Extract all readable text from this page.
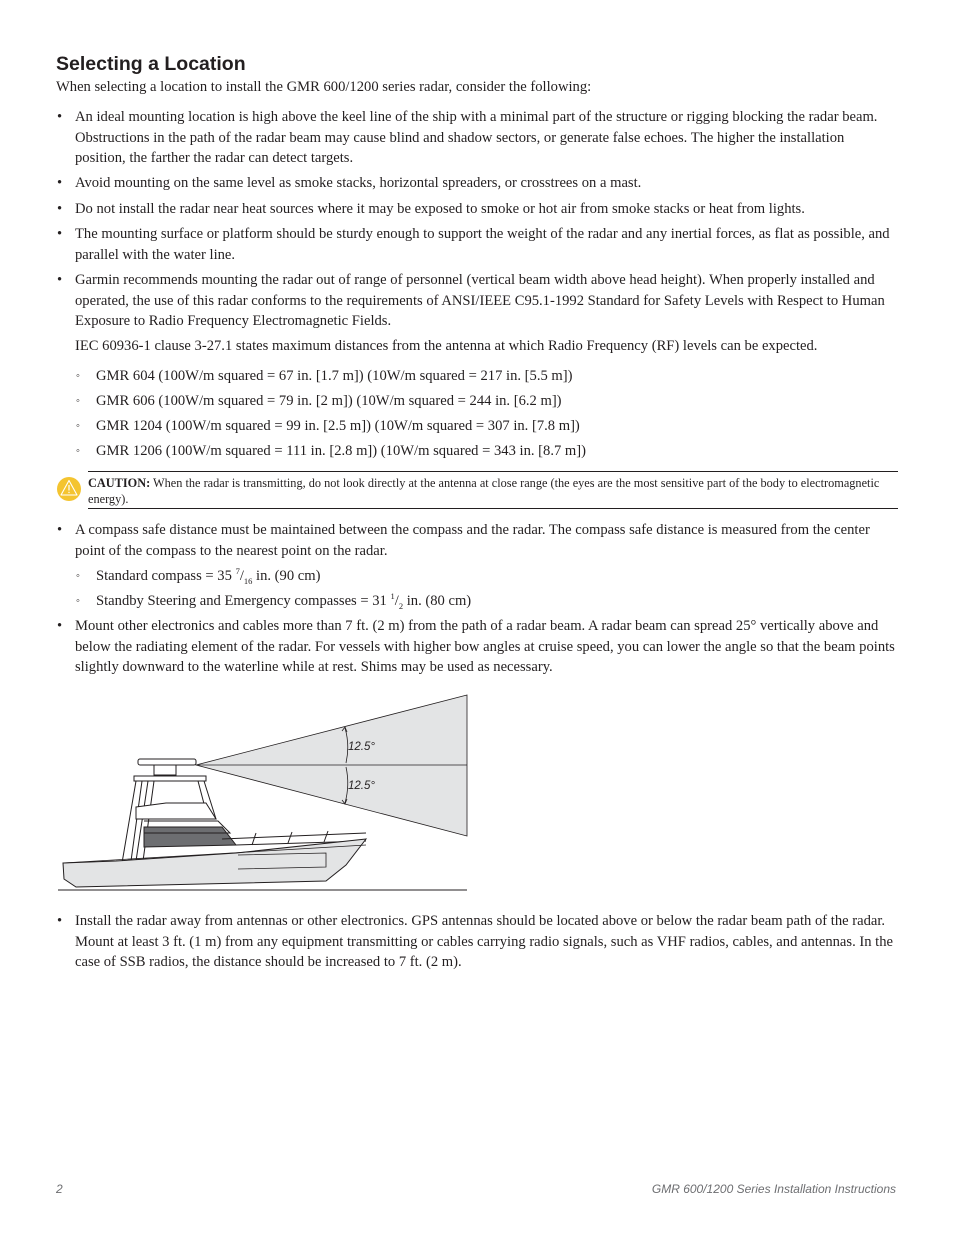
Selecting a Location

When selecting a location to install the GMR 600/1200 series radar, consider the following:

• An ideal mounting location is high above the keel line of the ship with a minimal part of the structure or rigging blocking the radar beam. Obstructions in the path of the radar beam may cause blind and shadow sectors, or generate false echoes. The higher the installation position, the farther the radar can detect targets.

• Avoid mounting on the same level as smoke stacks, horizontal spreaders, or crosstrees on a mast.

• Do not install the radar near heat sources where it may be exposed to smoke or hot air from smoke stacks or heat from lights.

• The mounting surface or platform should be sturdy enough to support the weight of the radar and any inertial forces, as flat as possible, and parallel with the water line.

• Garmin recommends mounting the radar out of range of personnel (vertical beam width above head height). When properly installed and operated, the use of this radar conforms to the requirements of ANSI/IEEE C95.1-1992 Standard for Safety Levels with Respect to Human Exposure to Radio Frequency Electromagnetic Fields.

IEC 60936-1 clause 3-27.1 states maximum distances from the antenna at which Radio Frequency (RF) levels can be expected.

◦ GMR 604 (100W/m squared = 67 in. [1.7 m]) (10W/m squared = 217 in. [5.5 m])

◦ GMR 606 (100W/m squared = 79 in. [2 m]) (10W/m squared = 244 in. [6.2 m])

◦ GMR 1204 (100W/m squared = 99 in. [2.5 m]) (10W/m squared = 307 in. [7.8 m])

◦ GMR 1206 (100W/m squared = 111 in. [2.8 m]) (10W/m squared = 343 in. [8.7 m])

CAUTION: When the radar is transmitting, do not look directly at the antenna at close range (the eyes are the most sensitive part of the body to electromagnetic energy).

• A compass safe distance must be maintained between the compass and the radar. The compass safe distance is measured from the center point of the compass to the nearest point on the radar.

◦ Standard compass = 35 $^7/_{16}$ in. (90 cm)

◦ Standby Steering and Emergency compasses = 31 $^1/_2$ in. (80 cm)

• Mount other electronics and cables more than 7 ft. (2 m) from the path of a radar beam. A radar beam can spread 25° vertically above and below the radiating element of the radar. For vessels with higher bow angles at cruise speed, you can lower the angle so that the beam points slightly downward to the waterline while at rest. Shims may be used as necessary.

12.5°
12.5°

• Install the radar away from antennas or other electronics. GPS antennas should be located above or below the radar beam path of the radar. Mount at least 3 ft. (1 m) from any equipment transmitting or cables carrying radio signals, such as VHF radios, cables, and antennas. In the case of SSB radios, the distance should be increased to 7 ft. (2 m).

2	GMR 600/1200 Series Installation Instructions
